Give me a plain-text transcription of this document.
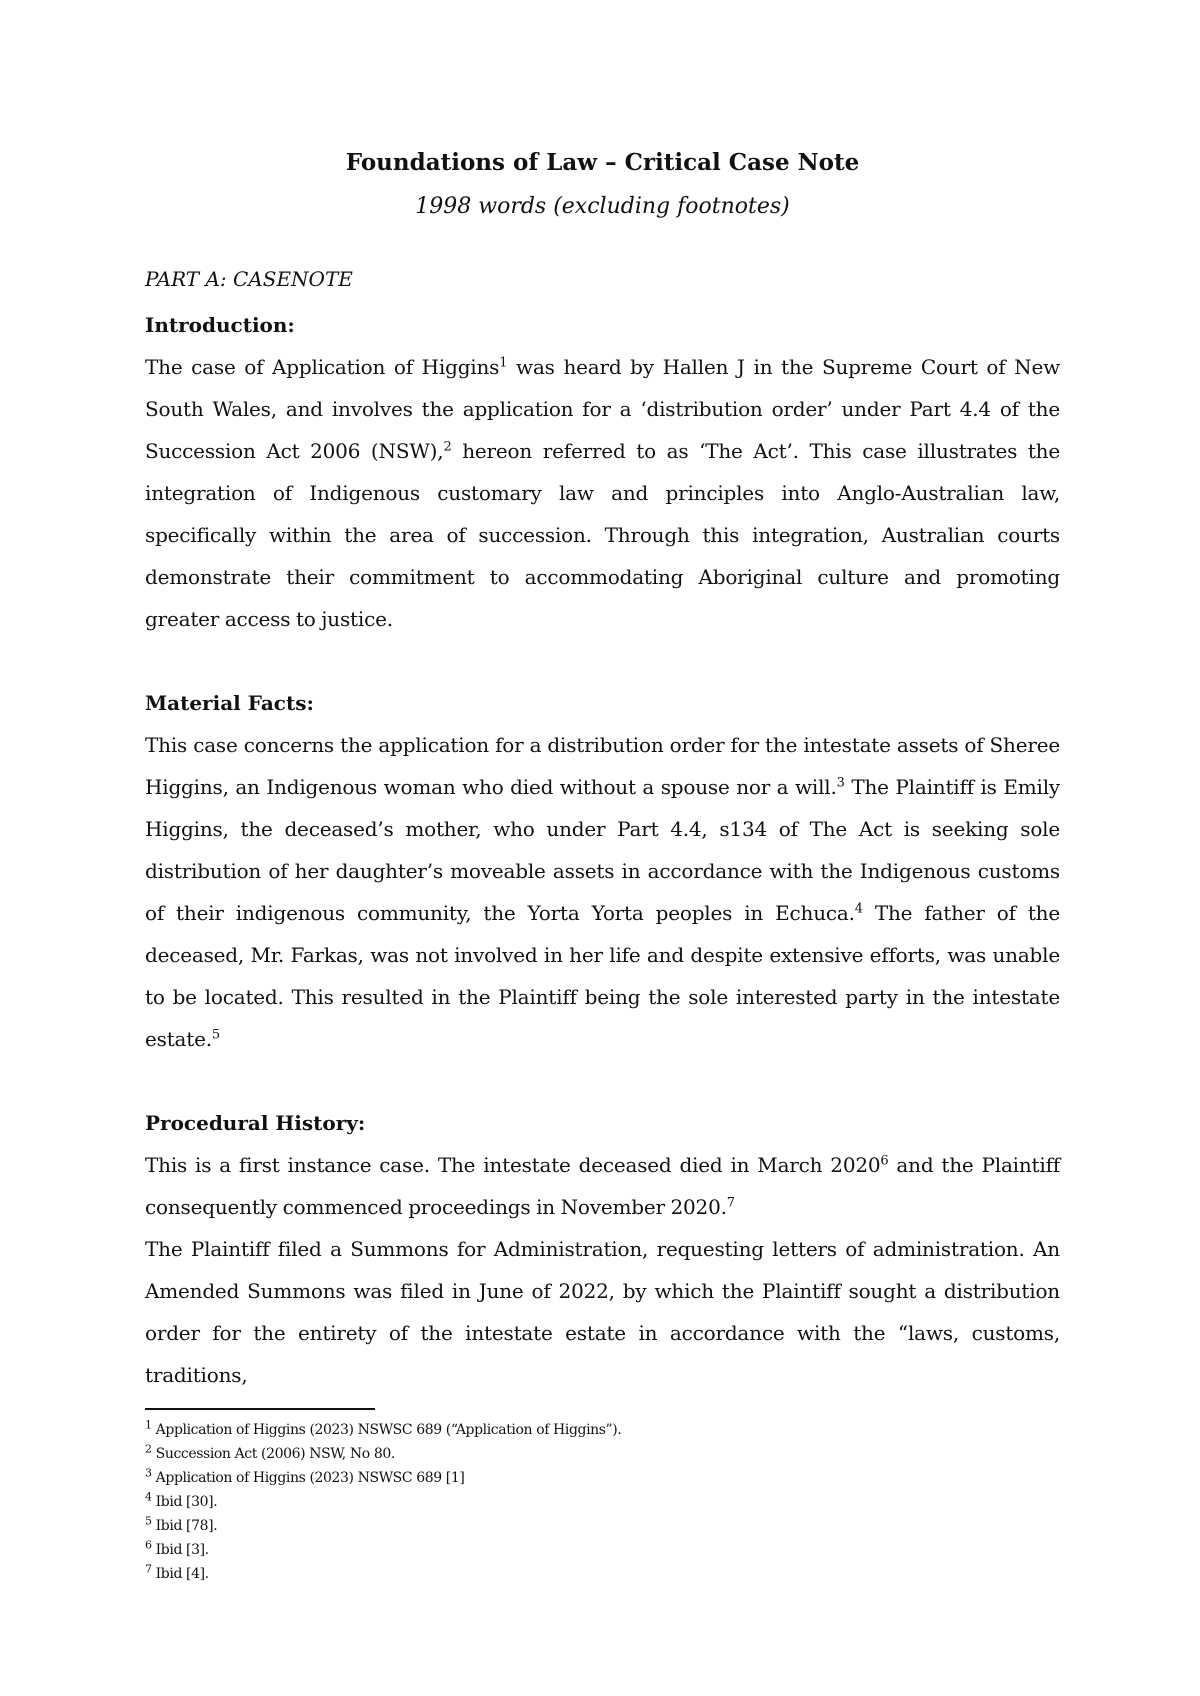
Foundations of Law – Critical Case Note
1998 words (excluding footnotes)
PART A: CASENOTE
Introduction:

The case of Application of Higgins$^1$ was heard by Hallen J in the Supreme Court of New South Wales, and involves the application for a ‘distribution order’ under Part 4.4 of the Succession Act 2006 (NSW),$^2$ hereon referred to as ‘The Act’. This case illustrates the integration of Indigenous customary law and principles into Anglo-Australian law, specifically within the area of succession. Through this integration, Australian courts demonstrate their commitment to accommodating Aboriginal culture and promoting greater access to justice.

Material Facts:

This case concerns the application for a distribution order for the intestate assets of Sheree Higgins, an Indigenous woman who died without a spouse nor a will.$^3$ The Plaintiff is Emily Higgins, the deceased’s mother, who under Part 4.4, s134 of The Act is seeking sole distribution of her daughter’s moveable assets in accordance with the Indigenous customs of their indigenous community, the Yorta Yorta peoples in Echuca.$^4$ The father of the deceased, Mr. Farkas, was not involved in her life and despite extensive efforts, was unable to be located. This resulted in the Plaintiff being the sole interested party in the intestate estate.$^5$

Procedural History:

This is a first instance case. The intestate deceased died in March 2020$^6$ and the Plaintiff consequently commenced proceedings in November 2020.$^7$

The Plaintiff filed a Summons for Administration, requesting letters of administration. An Amended Summons was filed in June of 2022, by which the Plaintiff sought a distribution order for the entirety of the intestate estate in accordance with the “laws, customs, traditions,

$^1$ Application of Higgins (2023) NSWSC 689 (“Application of Higgins”).
$^2$ Succession Act (2006) NSW, No 80.
$^3$ Application of Higgins (2023) NSWSC 689 [1]
$^4$ Ibid [30].
$^5$ Ibid [78].
$^6$ Ibid [3].
$^7$ Ibid [4].
